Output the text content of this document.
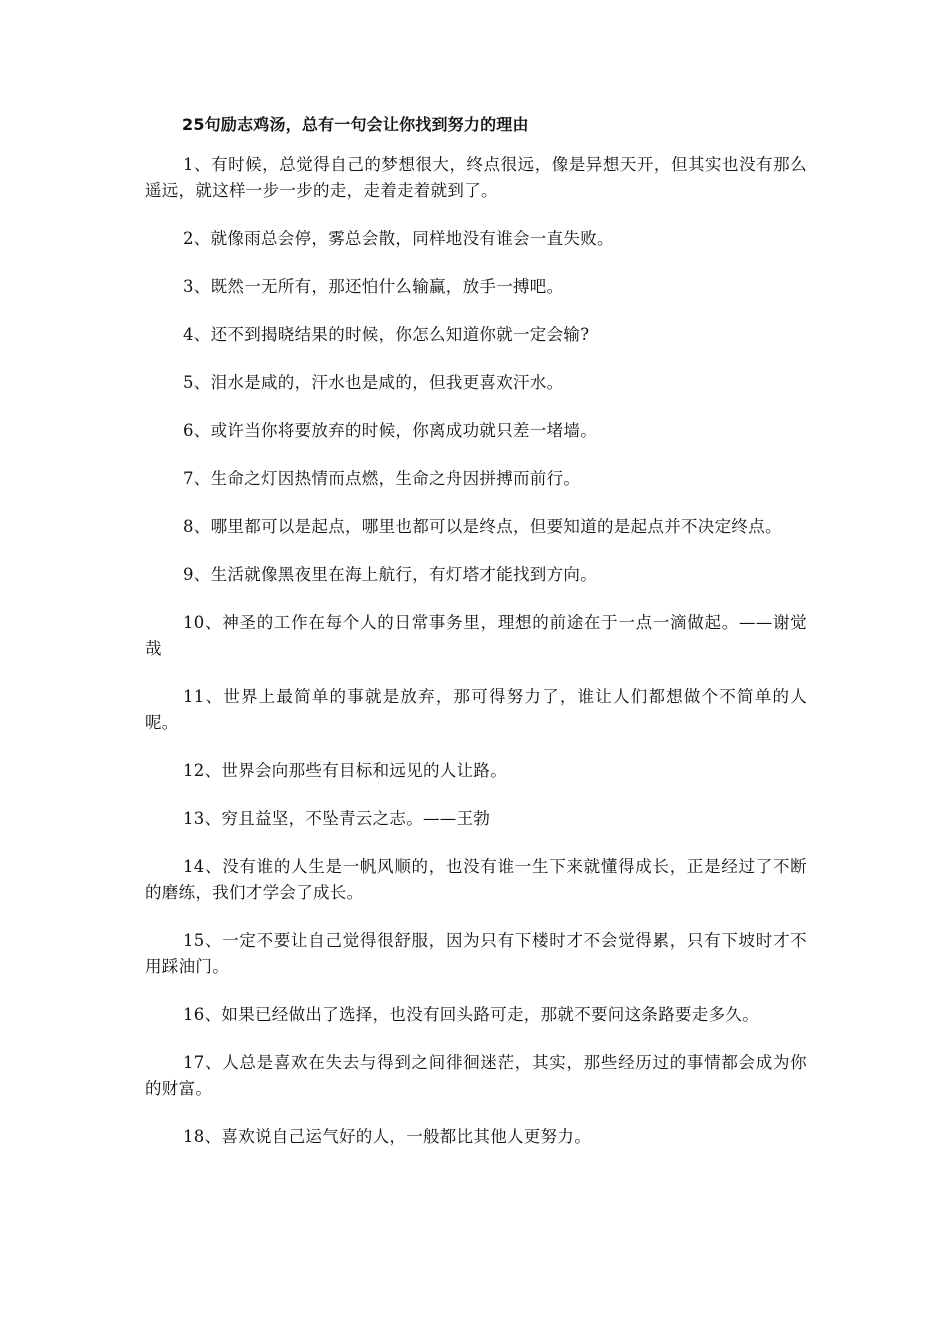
25句励志鸡汤，总有一句会让你找到努力的理由

1、有时候，总觉得自己的梦想很大，终点很远，像是异想天开，但其实也没有那么遥远，就这样一步一步的走，走着走着就到了。

2、就像雨总会停，雾总会散，同样地没有谁会一直失败。

3、既然一无所有，那还怕什么输赢，放手一搏吧。

4、还不到揭晓结果的时候，你怎么知道你就一定会输?

5、泪水是咸的，汗水也是咸的，但我更喜欢汗水。

6、或许当你将要放弃的时候，你离成功就只差一堵墙。

7、生命之灯因热情而点燃，生命之舟因拼搏而前行。

8、哪里都可以是起点，哪里也都可以是终点，但要知道的是起点并不决定终点。

9、生活就像黑夜里在海上航行，有灯塔才能找到方向。

10、神圣的工作在每个人的日常事务里，理想的前途在于一点一滴做起。——谢觉哉

11、世界上最简单的事就是放弃，那可得努力了，谁让人们都想做个不简单的人呢。

12、世界会向那些有目标和远见的人让路。

13、穷且益坚，不坠青云之志。——王勃

14、没有谁的人生是一帆风顺的，也没有谁一生下来就懂得成长，正是经过了不断的磨练，我们才学会了成长。

15、一定不要让自己觉得很舒服，因为只有下楼时才不会觉得累，只有下坡时才不用踩油门。

16、如果已经做出了选择，也没有回头路可走，那就不要问这条路要走多久。

17、人总是喜欢在失去与得到之间徘徊迷茫，其实，那些经历过的事情都会成为你的财富。

18、喜欢说自己运气好的人，一般都比其他人更努力。
